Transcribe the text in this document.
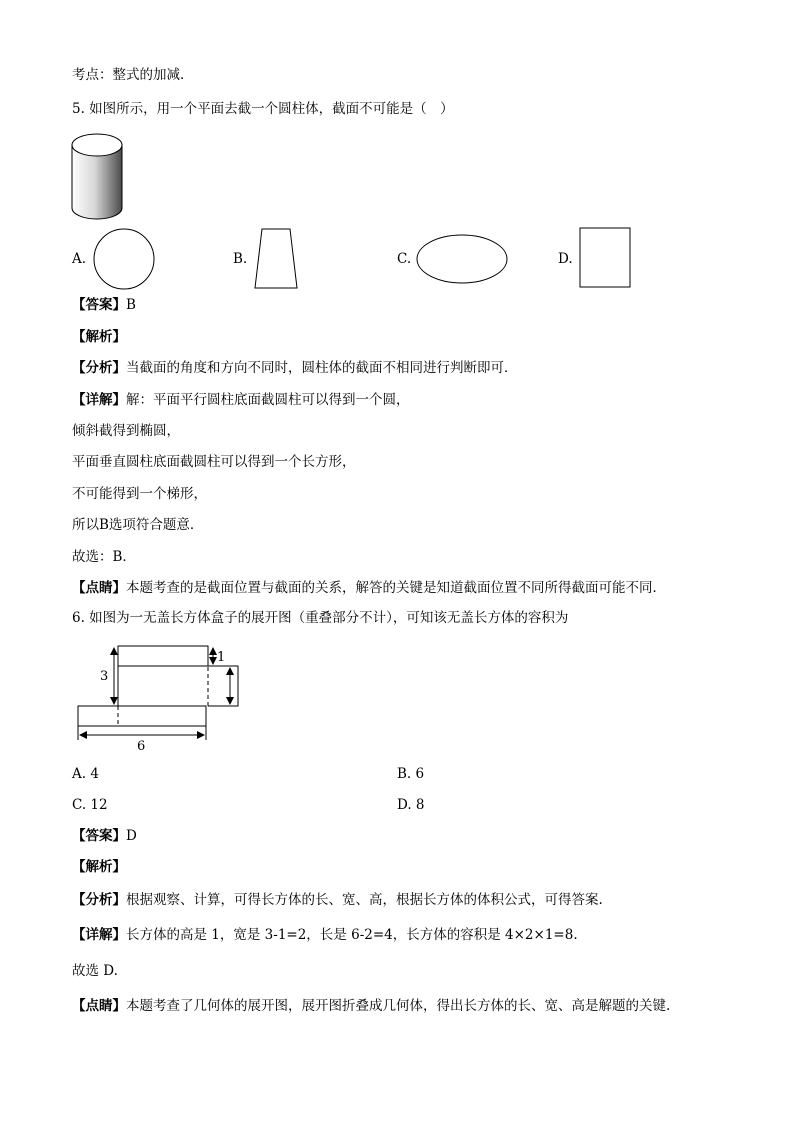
考点：整式的加减．
5. 如图所示，用一个平面去截一个圆柱体，截面不可能是（　）
A.	B.	C.	D.
【答案】B
【解析】
【分析】当截面的角度和方向不同时，圆柱体的截面不相同进行判断即可．
【详解】解：平面平行圆柱底面截圆柱可以得到一个圆，
倾斜截得到椭圆，
平面垂直圆柱底面截圆柱可以得到一个长方形，
不可能得到一个梯形，
所以B选项符合题意．
故选：B．
【点睛】本题考查的是截面位置与截面的关系，解答的关键是知道截面位置不同所得截面可能不同．
6. 如图为一无盖长方体盒子的展开图（重叠部分不计），可知该无盖长方体的容积为
3
1
6
A. 4	B. 6
C. 12	D. 8
【答案】D
【解析】
【分析】根据观察、计算，可得长方体的长、宽、高，根据长方体的体积公式，可得答案.
【详解】长方体的高是 1，宽是 3-1=2，长是 6-2=4，长方体的容积是 4×2×1=8.
故选 D.
【点睛】本题考查了几何体的展开图，展开图折叠成几何体，得出长方体的长、宽、高是解题的关键.
